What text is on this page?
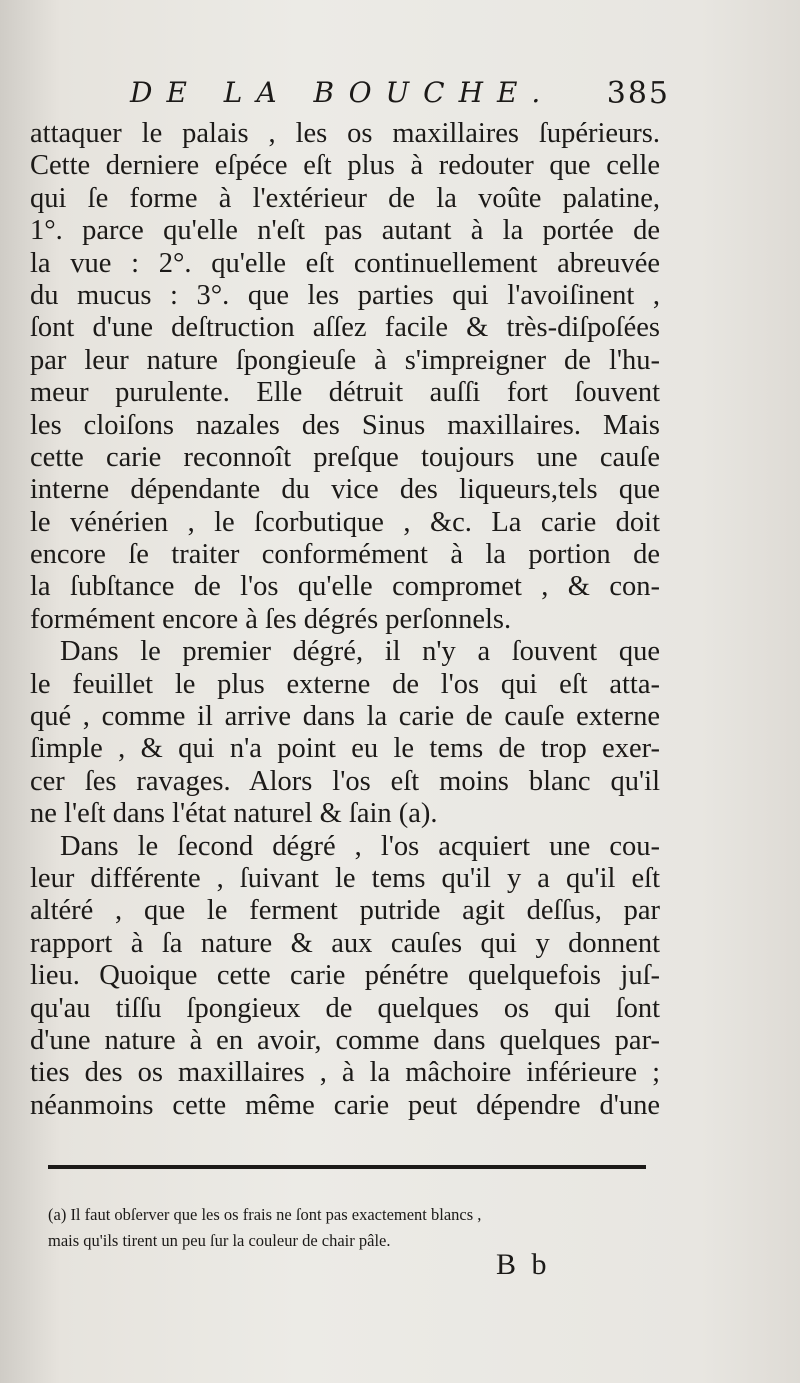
DE LA BOUCHE. 385
attaquer le palais , les os maxillaires ſupérieurs.
Cette derniere eſpéce eſt plus à redouter que celle
qui ſe forme à l'extérieur de la voûte palatine,
1°. parce qu'elle n'eſt pas autant à la portée de
la vue : 2°. qu'elle eſt continuellement abreuvée
du mucus : 3°. que les parties qui l'avoiſinent ,
ſont d'une deſtruction aſſez facile & très-diſpoſées
par leur nature ſpongieuſe à s'impreigner de l'hu-
meur purulente. Elle détruit auſſi fort ſouvent
les cloiſons nazales des Sinus maxillaires. Mais
cette carie reconnoît preſque toujours une cauſe
interne dépendante du vice des liqueurs,tels que
le vénérien , le ſcorbutique , &c. La carie doit
encore ſe traiter conformément à la portion de
la ſubſtance de l'os qu'elle compromet , & con-
formément encore à ſes dégrés perſonnels.
Dans le premier dégré, il n'y a ſouvent que
le feuillet le plus externe de l'os qui eſt atta-
qué , comme il arrive dans la carie de cauſe externe
ſimple , & qui n'a point eu le tems de trop exer-
cer ſes ravages. Alors l'os eſt moins blanc qu'il
ne l'eſt dans l'état naturel & ſain (a).
Dans le ſecond dégré , l'os acquiert une cou-
leur différente , ſuivant le tems qu'il y a qu'il eſt
altéré , que le ferment putride agit deſſus, par
rapport à ſa nature & aux cauſes qui y donnent
lieu. Quoique cette carie pénétre quelquefois juſ-
qu'au tiſſu ſpongieux de quelques os qui ſont
d'une nature à en avoir, comme dans quelques par-
ties des os maxillaires , à la mâchoire inférieure ;
néanmoins cette même carie peut dépendre d'une
(a) Il faut obſerver que les os frais ne ſont pas exactement blancs ,
mais qu'ils tirent un peu ſur la couleur de chair pâle.
B b
